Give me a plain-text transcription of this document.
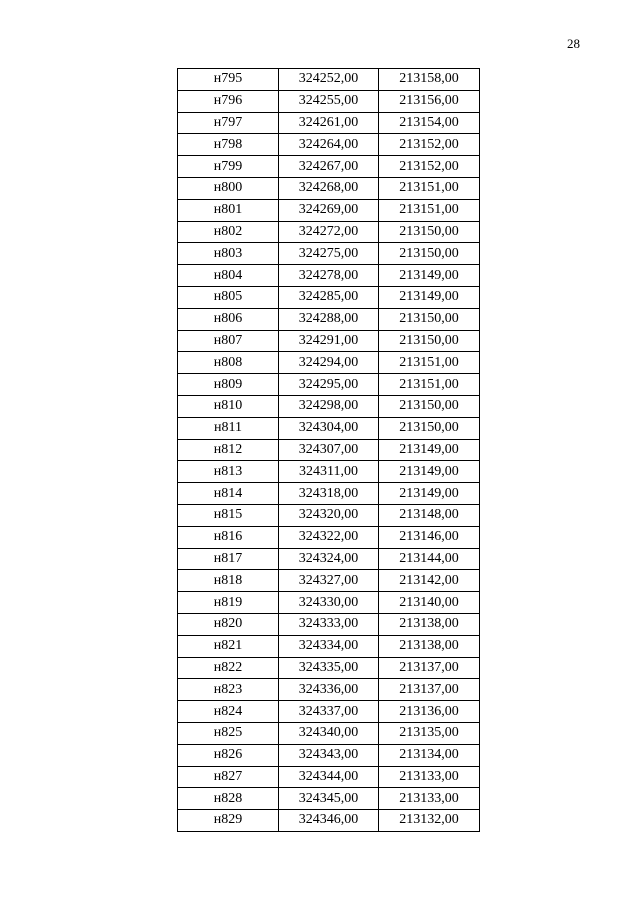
28
н795	324252,00	213158,00
н796	324255,00	213156,00
н797	324261,00	213154,00
н798	324264,00	213152,00
н799	324267,00	213152,00
н800	324268,00	213151,00
н801	324269,00	213151,00
н802	324272,00	213150,00
н803	324275,00	213150,00
н804	324278,00	213149,00
н805	324285,00	213149,00
н806	324288,00	213150,00
н807	324291,00	213150,00
н808	324294,00	213151,00
н809	324295,00	213151,00
н810	324298,00	213150,00
н811	324304,00	213150,00
н812	324307,00	213149,00
н813	324311,00	213149,00
н814	324318,00	213149,00
н815	324320,00	213148,00
н816	324322,00	213146,00
н817	324324,00	213144,00
н818	324327,00	213142,00
н819	324330,00	213140,00
н820	324333,00	213138,00
н821	324334,00	213138,00
н822	324335,00	213137,00
н823	324336,00	213137,00
н824	324337,00	213136,00
н825	324340,00	213135,00
н826	324343,00	213134,00
н827	324344,00	213133,00
н828	324345,00	213133,00
н829	324346,00	213132,00
